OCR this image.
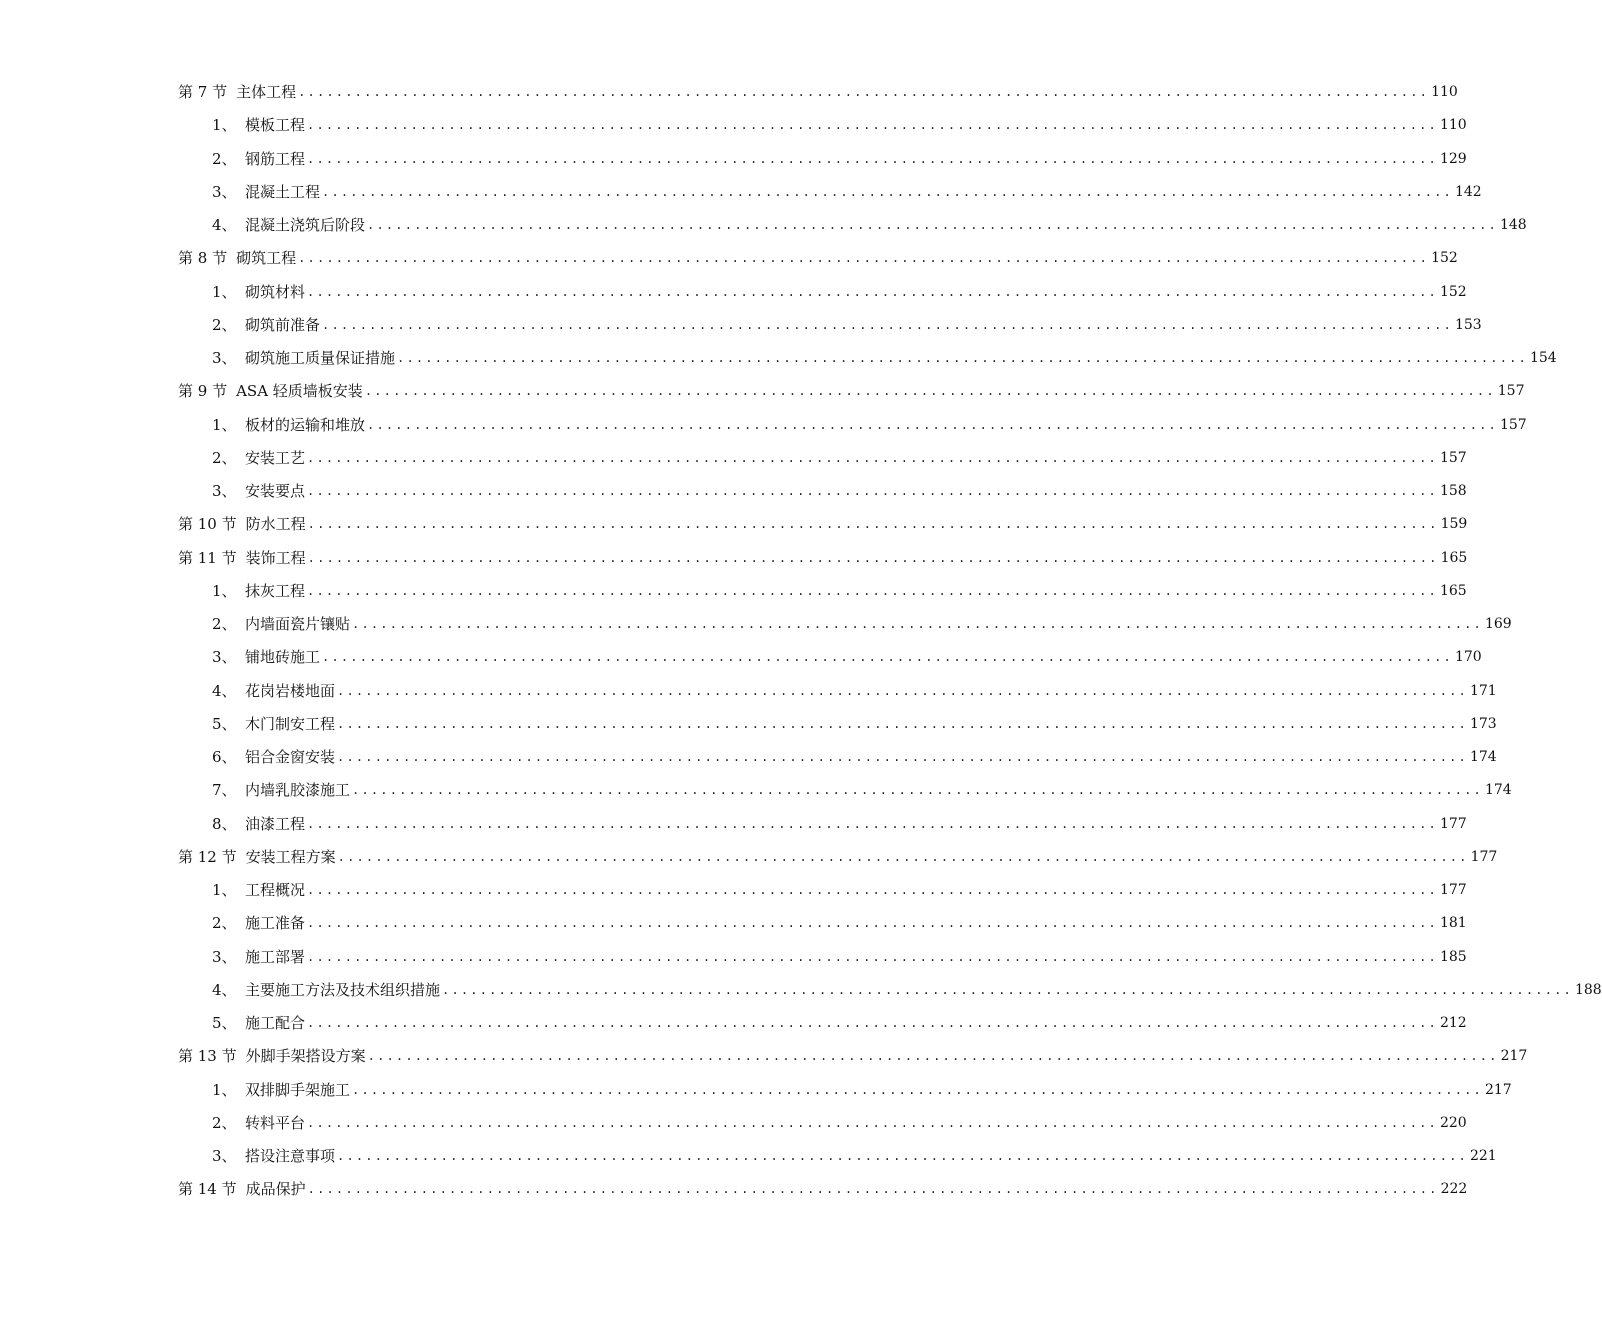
第 7 节 主体工程 ........................................................................................................................ 110
1、 模板工程 ........................................................................................................................ 110
2、 钢筋工程 ........................................................................................................................ 129
3、 混凝土工程 ........................................................................................................................ 142
4、 混凝土浇筑后阶段 ........................................................................................................................ 148
第 8 节 砌筑工程 ........................................................................................................................ 152
1、 砌筑材料 ........................................................................................................................ 152
2、 砌筑前准备 ........................................................................................................................ 153
3、 砌筑施工质量保证措施 ........................................................................................................................ 154
第 9 节 ASA 轻质墙板安装 ........................................................................................................................ 157
1、 板材的运输和堆放 ........................................................................................................................ 157
2、 安装工艺 ........................................................................................................................ 157
3、 安装要点 ........................................................................................................................ 158
第 10 节 防水工程 ........................................................................................................................ 159
第 11 节 装饰工程 ........................................................................................................................ 165
1、 抹灰工程 ........................................................................................................................ 165
2、 内墙面瓷片镶贴 ........................................................................................................................ 169
3、 铺地砖施工 ........................................................................................................................ 170
4、 花岗岩楼地面 ........................................................................................................................ 171
5、 木门制安工程 ........................................................................................................................ 173
6、 铝合金窗安装 ........................................................................................................................ 174
7、 内墙乳胶漆施工 ........................................................................................................................ 174
8、 油漆工程 ........................................................................................................................ 177
第 12 节 安装工程方案 ........................................................................................................................ 177
1、 工程概况 ........................................................................................................................ 177
2、 施工准备 ........................................................................................................................ 181
3、 施工部署 ........................................................................................................................ 185
4、 主要施工方法及技术组织措施 ........................................................................................................................ 188
5、 施工配合 ........................................................................................................................ 212
第 13 节 外脚手架搭设方案 ........................................................................................................................ 217
1、 双排脚手架施工 ........................................................................................................................ 217
2、 转料平台 ........................................................................................................................ 220
3、 搭设注意事项 ........................................................................................................................ 221
第 14 节 成品保护 ........................................................................................................................ 222
